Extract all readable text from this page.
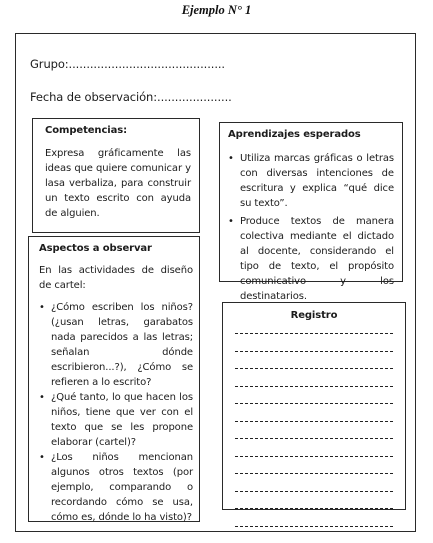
Ejemplo N° 1
Grupo:............................................
Fecha de observación:.....................
Competencias:
Expresa gráficamente las ideas que quiere comunicar y lasa verbaliza, para construir un texto escrito con ayuda de alguien.
Aprendizajes esperados
• Utiliza marcas gráficas o letras con diversas intenciones de escritura y explica “qué dice su texto”.
• Produce textos de manera colectiva mediante el dictado al docente, considerando el tipo de texto, el propósito comunicativo y los destinatarios.
Aspectos a observar
En las actividades de diseño de cartel:
• ¿Cómo escriben los niños? (¿usan letras, garabatos nada parecidos a las letras; señalan dónde escribieron...?), ¿Cómo se refieren a lo escrito?
• ¿Qué tanto, lo que hacen los niños, tiene que ver con el texto que se les propone elaborar (cartel)?
• ¿Los niños mencionan algunos otros textos (por ejemplo, comparando o recordando cómo se usa, cómo es, dónde lo ha visto)?
Registro
